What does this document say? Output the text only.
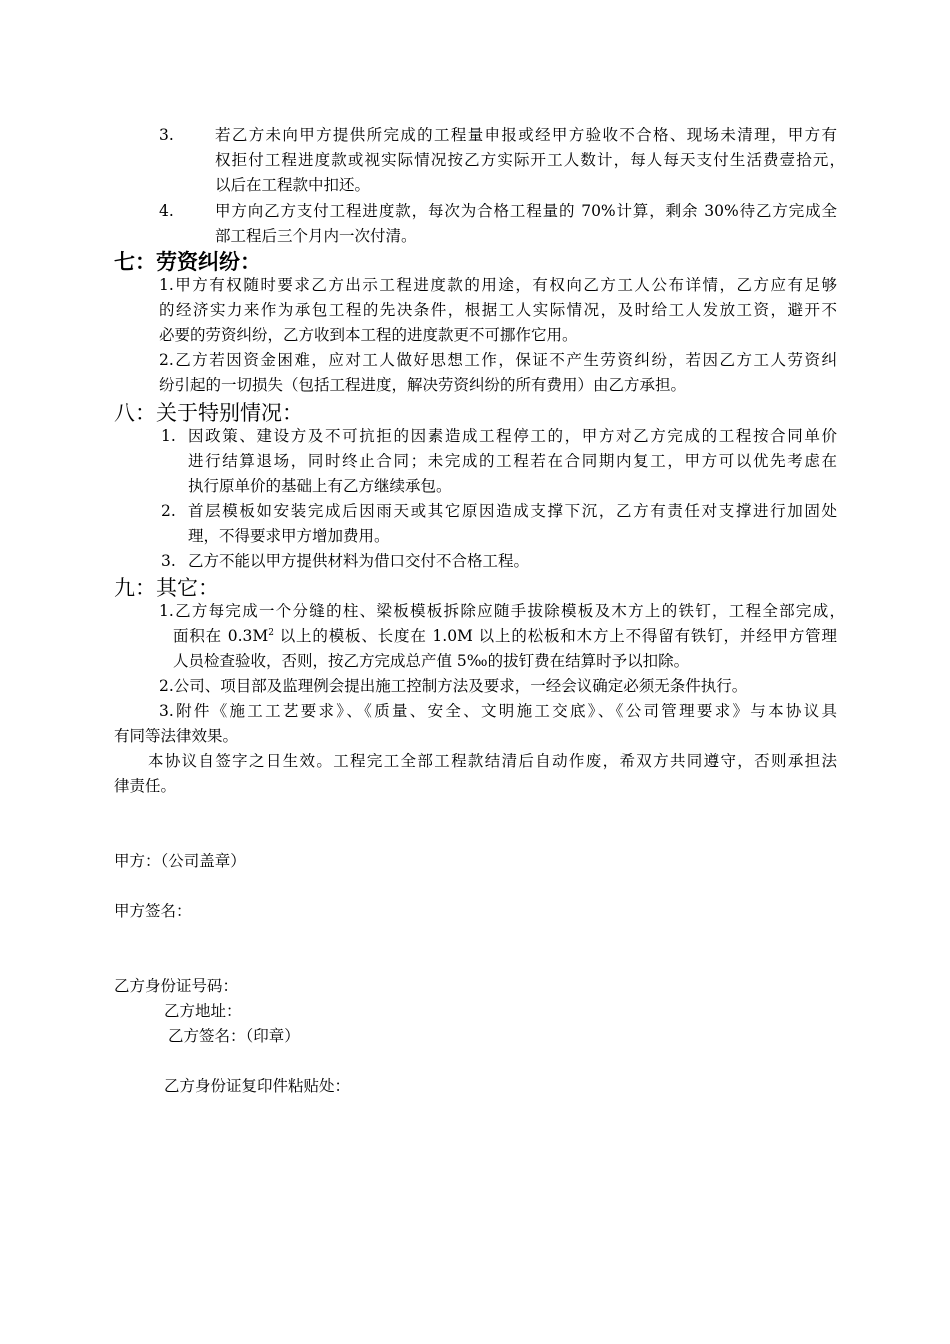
3.	若乙方未向甲方提供所完成的工程量申报或经甲方验收不合格、现场未清理，甲方有
权拒付工程进度款或视实际情况按乙方实际开工人数计，每人每天支付生活费壹拾元，
以后在工程款中扣还。
4.	甲方向乙方支付工程进度款，每次为合格工程量的 70%计算，剩余 30%待乙方完成全
部工程后三个月内一次付清。
七：劳资纠纷：
1.甲方有权随时要求乙方出示工程进度款的用途，有权向乙方工人公布详情，乙方应有足够
的经济实力来作为承包工程的先决条件，根据工人实际情况，及时给工人发放工资，避开不
必要的劳资纠纷，乙方收到本工程的进度款更不可挪作它用。
2.乙方若因资金困难，应对工人做好思想工作，保证不产生劳资纠纷，若因乙方工人劳资纠
纷引起的一切损失（包括工程进度，解决劳资纠纷的所有费用）由乙方承担。
八：关于特别情况：
1. 因政策、建设方及不可抗拒的因素造成工程停工的，甲方对乙方完成的工程按合同单价
进行结算退场，同时终止合同；未完成的工程若在合同期内复工，甲方可以优先考虑在
执行原单价的基础上有乙方继续承包。
2. 首层模板如安装完成后因雨天或其它原因造成支撑下沉，乙方有责任对支撑进行加固处
理，不得要求甲方增加费用。
3. 乙方不能以甲方提供材料为借口交付不合格工程。
九：其它：
1.乙方每完成一个分缝的柱、梁板模板拆除应随手拔除模板及木方上的铁钉，工程全部完成，
面积在 $0.3M^2$ 以上的模板、长度在 1.0M 以上的松板和木方上不得留有铁钉，并经甲方管理
人员检查验收，否则，按乙方完成总产值 5‰的拔钉费在结算时予以扣除。
2.公司、项目部及监理例会提出施工控制方法及要求，一经会议确定必须无条件执行。
3.附件《施工工艺要求》、《质量、安全、文明施工交底》、《公司管理要求》与本协议具
有同等法律效果。
本协议自签字之日生效。工程完工全部工程款结清后自动作废，希双方共同遵守，否则承担法
律责任。
甲方：（公司盖章）
甲方签名：
乙方身份证号码：
乙方地址：
乙方签名：（印章）
乙方身份证复印件粘贴处：
